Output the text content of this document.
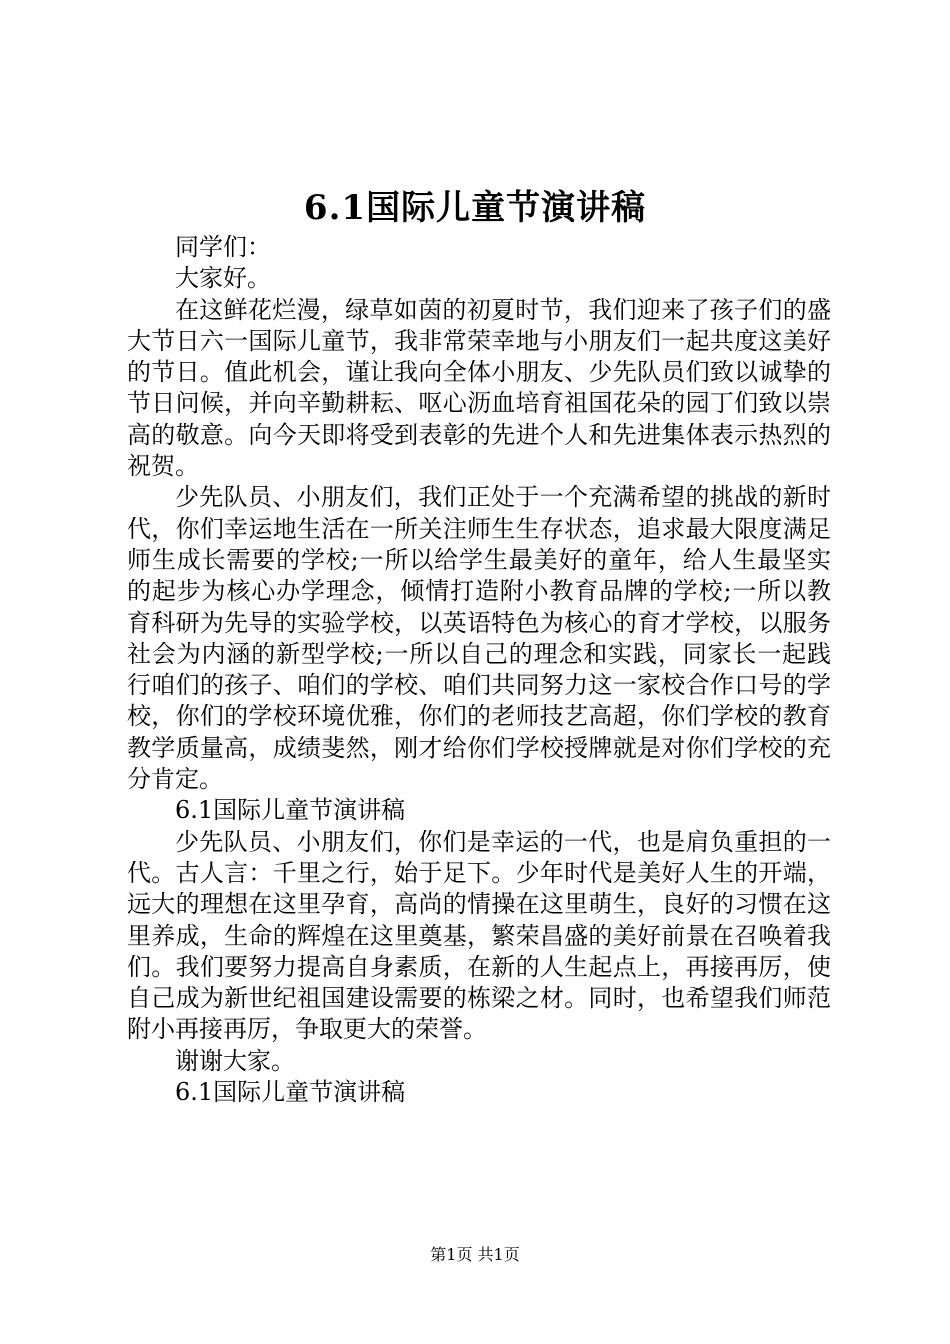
6.1国际儿童节演讲稿

同学们：

大家好。

在这鲜花烂漫，绿草如茵的初夏时节，我们迎来了孩子们的盛大节日六一国际儿童节，我非常荣幸地与小朋友们一起共度这美好的节日。值此机会，谨让我向全体小朋友、少先队员们致以诚挚的节日问候，并向辛勤耕耘、呕心沥血培育祖国花朵的园丁们致以崇高的敬意。向今天即将受到表彰的先进个人和先进集体表示热烈的祝贺。

少先队员、小朋友们，我们正处于一个充满希望的挑战的新时代，你们幸运地生活在一所关注师生生存状态，追求最大限度满足师生成长需要的学校;一所以给学生最美好的童年，给人生最坚实的起步为核心办学理念，倾情打造附小教育品牌的学校;一所以教育科研为先导的实验学校，以英语特色为核心的育才学校，以服务社会为内涵的新型学校;一所以自己的理念和实践，同家长一起践行咱们的孩子、咱们的学校、咱们共同努力这一家校合作口号的学校，你们的学校环境优雅，你们的老师技艺高超，你们学校的教育教学质量高，成绩斐然，刚才给你们学校授牌就是对你们学校的充分肯定。

6.1国际儿童节演讲稿

少先队员、小朋友们，你们是幸运的一代，也是肩负重担的一代。古人言：千里之行，始于足下。少年时代是美好人生的开端，远大的理想在这里孕育，高尚的情操在这里萌生，良好的习惯在这里养成，生命的辉煌在这里奠基，繁荣昌盛的美好前景在召唤着我们。我们要努力提高自身素质，在新的人生起点上，再接再厉，使自己成为新世纪祖国建设需要的栋梁之材。同时，也希望我们师范附小再接再厉，争取更大的荣誉。

谢谢大家。

6.1国际儿童节演讲稿

第1页 共1页
